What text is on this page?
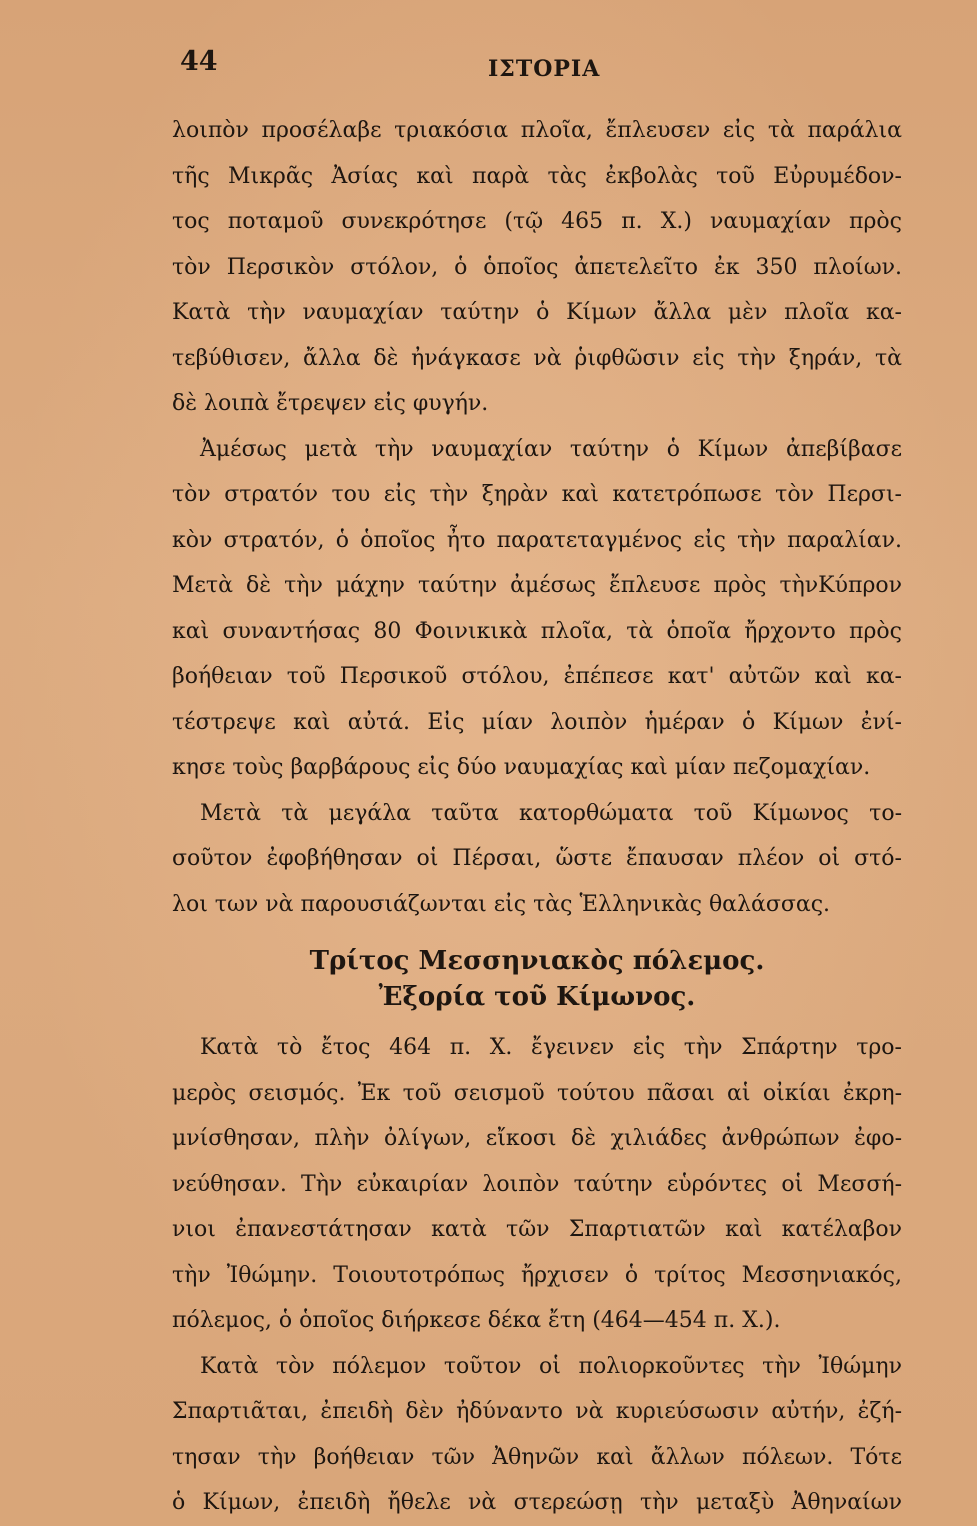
44	ΙΣΤΟΡΙΑ
λοιπὸν προσέλαβε τριακόσια πλοῖα, ἔπλευσεν εἰς τὰ παράλια
τῆς Μικρᾶς Ἀσίας καὶ παρὰ τὰς ἐκβολὰς τοῦ Εὐρυμέδον-
τος ποταμοῦ συνεκρότησε (τῷ 465 π. Χ.) ναυμαχίαν πρὸς
τὸν Περσικὸν στόλον, ὁ ὁποῖος ἀπετελεῖτο ἐκ 350 πλοίων.
Κατὰ τὴν ναυμαχίαν ταύτην ὁ Κίμων ἄλλα μὲν πλοῖα κα-
τεβύθισεν, ἄλλα δὲ ἠνάγκασε νὰ ῥιφθῶσιν εἰς τὴν ξηράν, τὰ
δὲ λοιπὰ ἔτρεψεν εἰς φυγήν.
Ἀμέσως μετὰ τὴν ναυμαχίαν ταύτην ὁ Κίμων ἀπεβίβασε
τὸν στρατόν του εἰς τὴν ξηρὰν καὶ κατετρόπωσε τὸν Περσι-
κὸν στρατόν, ὁ ὁποῖος ἦτο παρατεταγμένος εἰς τὴν παραλίαν.
Μετὰ δὲ τὴν μάχην ταύτην ἀμέσως ἔπλευσε πρὸς τὴνΚύπρον
καὶ συναντήσας 80 Φοινικικὰ πλοῖα, τὰ ὁποῖα ἤρχοντο πρὸς
βοήθειαν τοῦ Περσικοῦ στόλου, ἐπέπεσε κατ' αὐτῶν καὶ κα-
τέστρεψε καὶ αὐτά. Εἰς μίαν λοιπὸν ἡμέραν ὁ Κίμων ἐνί-
κησε τοὺς βαρβάρους εἰς δύο ναυμαχίας καὶ μίαν πεζομαχίαν.
Μετὰ τὰ μεγάλα ταῦτα κατορθώματα τοῦ Κίμωνος το-
σοῦτον ἐφοβήθησαν οἱ Πέρσαι, ὥστε ἔπαυσαν πλέον οἱ στό-
λοι των νὰ παρουσιάζωνται εἰς τὰς Ἑλληνικὰς θαλάσσας.
Τρίτος Μεσσηνιακὸς πόλεμος.
Ἐξορία τοῦ Κίμωνος.
Κατὰ τὸ ἔτος 464 π. Χ. ἔγεινεν εἰς τὴν Σπάρτην τρο-
μερὸς σεισμός. Ἐκ τοῦ σεισμοῦ τούτου πᾶσαι αἱ οἰκίαι ἐκρη-
μνίσθησαν, πλὴν ὀλίγων, εἴκοσι δὲ χιλιάδες ἀνθρώπων ἐφο-
νεύθησαν. Τὴν εὐκαιρίαν λοιπὸν ταύτην εὑρόντες οἱ Μεσσή-
νιοι ἐπανεστάτησαν κατὰ τῶν Σπαρτιατῶν καὶ κατέλαβον
τὴν Ἰθώμην. Τοιουτοτρόπως ἤρχισεν ὁ τρίτος Μεσσηνιακός,
πόλεμος, ὁ ὁποῖος διήρκεσε δέκα ἔτη (464—454 π. Χ.).
Κατὰ τὸν πόλεμον τοῦτον οἱ πολιορκοῦντες τὴν Ἰθώμην
Σπαρτιᾶται, ἐπειδὴ δὲν ἠδύναντο νὰ κυριεύσωσιν αὐτήν, ἐζή-
τησαν τὴν βοήθειαν τῶν Ἀθηνῶν καὶ ἄλλων πόλεων. Τότε
ὁ Κίμων, ἐπειδὴ ἤθελε νὰ στερεώσῃ τὴν μεταξὺ Ἀθηναίων
